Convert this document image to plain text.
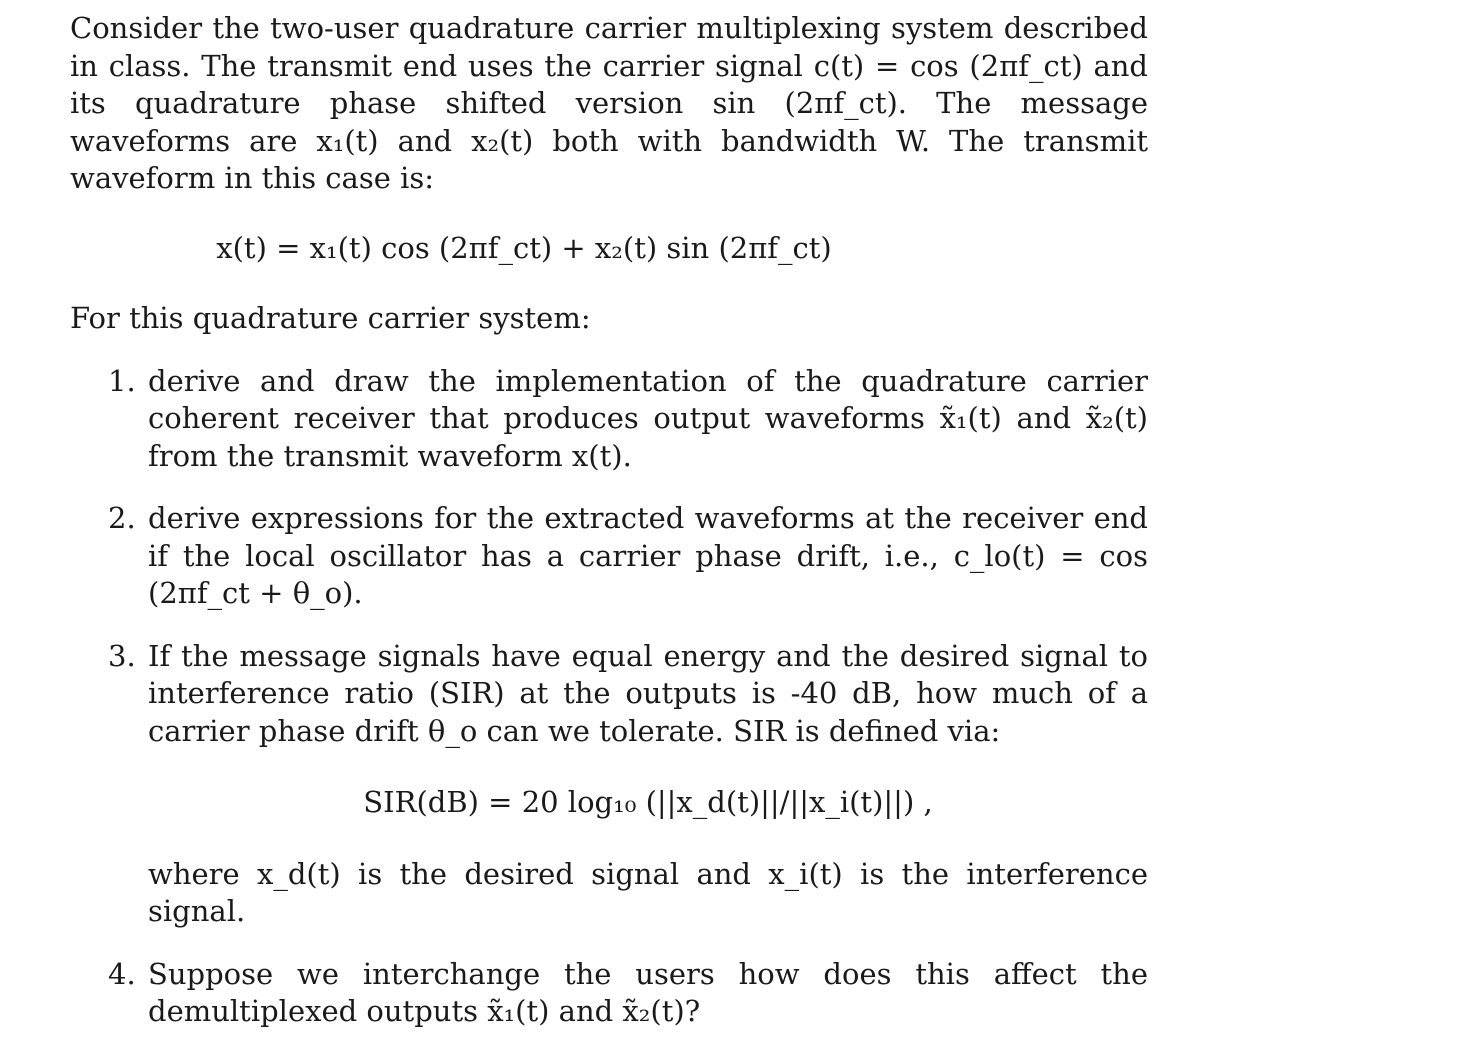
Consider the two-user quadrature carrier multiplexing system described in class. The transmit end uses the carrier signal c(t) = cos (2πf_ct) and its quadrature phase shifted version sin (2πf_ct). The message waveforms are x₁(t) and x₂(t) both with bandwidth W. The transmit waveform in this case is:

x(t) = x₁(t) cos (2πf_ct) + x₂(t) sin (2πf_ct)

For this quadrature carrier system:

1. derive and draw the implementation of the quadrature carrier coherent receiver that produces output waveforms x̃₁(t) and x̃₂(t) from the transmit waveform x(t).
2. derive expressions for the extracted waveforms at the receiver end if the local oscillator has a carrier phase drift, i.e., c_lo(t) = cos (2πf_ct + θ_o).
3. If the message signals have equal energy and the desired signal to interference ratio (SIR) at the outputs is -40 dB, how much of a carrier phase drift θ_o can we tolerate. SIR is defined via:

SIR(dB) = 20 log₁₀ (||x_d(t)||/||x_i(t)||) ,

where x_d(t) is the desired signal and x_i(t) is the interference signal.

4. Suppose we interchange the users how does this affect the demultiplexed outputs x̃₁(t) and x̃₂(t)?
